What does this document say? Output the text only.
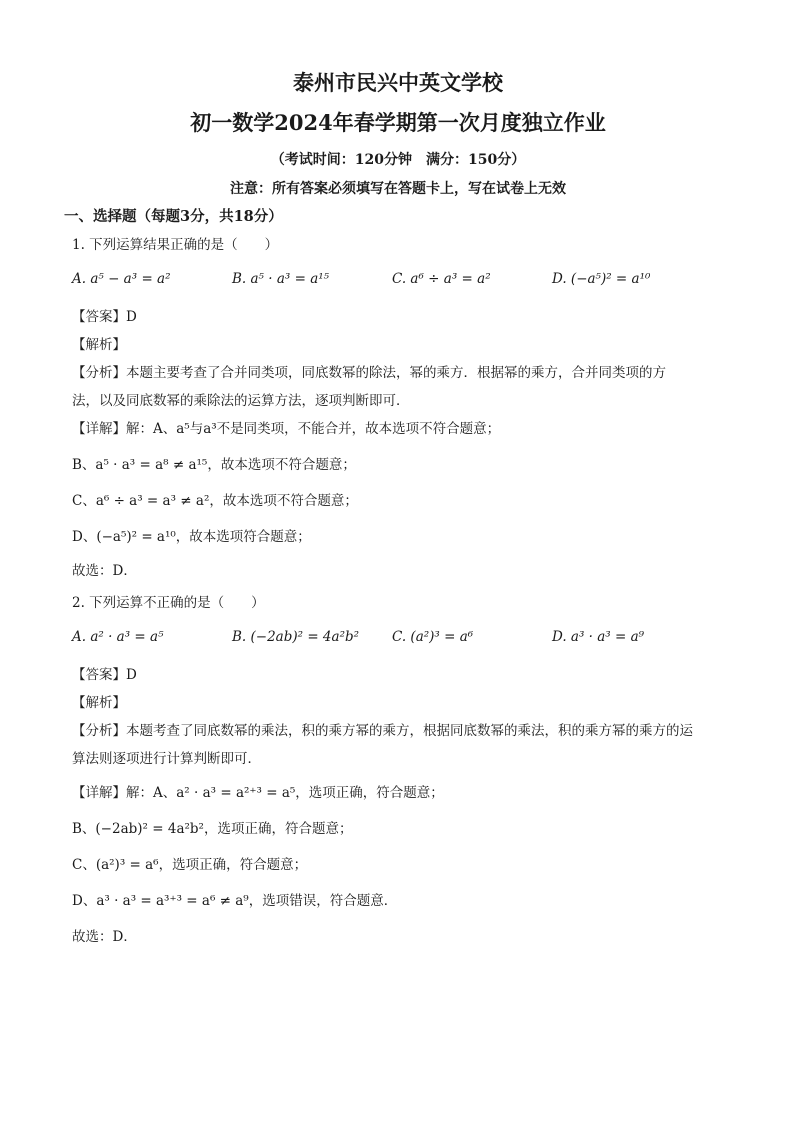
泰州市民兴中英文学校
初一数学2024年春学期第一次月度独立作业
（考试时间：120分钟　满分：150分）
注意：所有答案必须填写在答题卡上，写在试卷上无效
一、选择题（每题3分，共18分）
1. 下列运算结果正确的是（　　）
A. a⁵ − a³ = a²	B. a⁵ · a³ = a¹⁵	C. a⁶ ÷ a³ = a²	D. (−a⁵)² = a¹⁰
【答案】D
【解析】
【分析】本题主要考查了合并同类项，同底数幂的除法，幂的乘方．根据幂的乘方，合并同类项的方
法，以及同底数幂的乘除法的运算方法，逐项判断即可．
【详解】解：A、a⁵与a³不是同类项，不能合并，故本选项不符合题意；
B、a⁵ · a³ = a⁸ ≠ a¹⁵，故本选项不符合题意；
C、a⁶ ÷ a³ = a³ ≠ a²，故本选项不符合题意；
D、(−a⁵)² = a¹⁰，故本选项符合题意；
故选：D．
2. 下列运算不正确的是（　　）
A. a² · a³ = a⁵	B. (−2ab)² = 4a²b²	C. (a²)³ = a⁶	D. a³ · a³ = a⁹
【答案】D
【解析】
【分析】本题考查了同底数幂的乘法，积的乘方幂的乘方，根据同底数幂的乘法，积的乘方幂的乘方的运
算法则逐项进行计算判断即可．
【详解】解：A、a² · a³ = a²⁺³ = a⁵，选项正确，符合题意；
B、(−2ab)² = 4a²b²，选项正确，符合题意；
C、(a²)³ = a⁶，选项正确，符合题意；
D、a³ · a³ = a³⁺³ = a⁶ ≠ a⁹，选项错误，符合题意．
故选：D．
